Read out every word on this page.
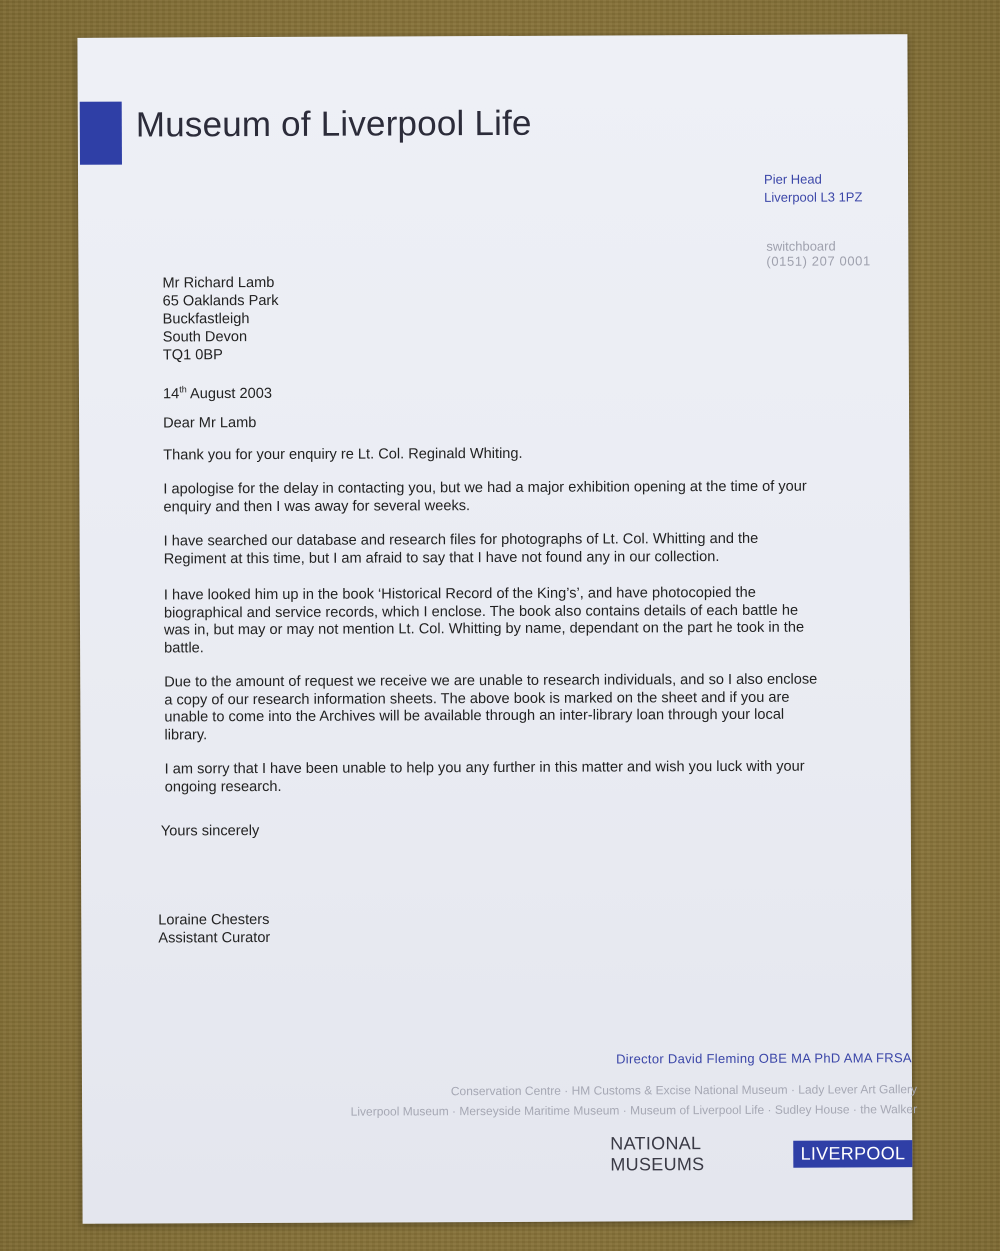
Museum of Liverpool Life
Pier Head
Liverpool L3 1PZ
switchboard
(0151) 207 0001
Mr Richard Lamb
65 Oaklands Park
Buckfastleigh
South Devon
TQ1 0BP
14th August 2003

Dear Mr Lamb

Thank you for your enquiry re Lt. Col. Reginald Whiting.

I apologise for the delay in contacting you, but we had a major exhibition opening at the time of your enquiry and then I was away for several weeks.

I have searched our database and research files for photographs of Lt. Col. Whitting and the Regiment at this time, but I am afraid to say that I have not found any in our collection.

I have looked him up in the book ‘Historical Record of the King’s’, and have photocopied the biographical and service records, which I enclose. The book also contains details of each battle he was in, but may or may not mention Lt. Col. Whitting by name, dependant on the part he took in the battle.

Due to the amount of request we receive we are unable to research individuals, and so I also enclose a copy of our research information sheets. The above book is marked on the sheet and if you are unable to come into the Archives will be available through an inter-library loan through your local library.

I am sorry that I have been unable to help you any further in this matter and wish you luck with your ongoing research.

Yours sincerely
Loraine Chesters
Assistant Curator
Director David Fleming OBE MA PhD AMA FRSA
Conservation Centre · HM Customs & Excise National Museum · Lady Lever Art Gallery
Liverpool Museum · Merseyside Maritime Museum · Museum of Liverpool Life · Sudley House · the Walker
NATIONAL MUSEUMS
LIVERPOOL
